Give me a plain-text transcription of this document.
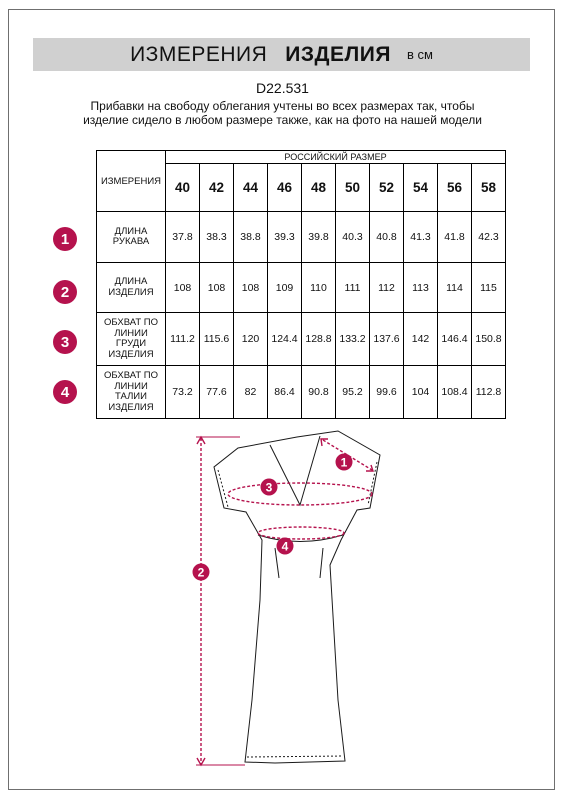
ИЗМЕРЕНИЯ ИЗДЕЛИЯ в см
D22.531
Прибавки на свободу облегания учтены во всех размерах так, чтобы изделие сидело в любом размере также, как на фото на нашей модели
ИЗМЕРЕНИЯ	РОССИЙСКИЙ РАЗМЕР									
	40	42	44	46	48	50	52	54	56	58

ДЛИНА
РУКАВА	37.8	38.3	38.8	39.3	39.8	40.3	40.8	41.3	41.8	42.3

ДЛИНА
ИЗДЕЛИЯ	108	108	108	109	110	111	112	113	114	115

ОБХВАТ ПО
ЛИНИИ
ГРУДИ
ИЗДЕЛИЯ	111.2	115.6	120	124.4	128.8	133.2	137.6	142	146.4	150.8

ОБХВАТ ПО
ЛИНИИ
ТАЛИИ
ИЗДЕЛИЯ	73.2	77.6	82	86.4	90.8	95.2	99.6	104	108.4	112.8
1
2
3
4
1
2
3
4
